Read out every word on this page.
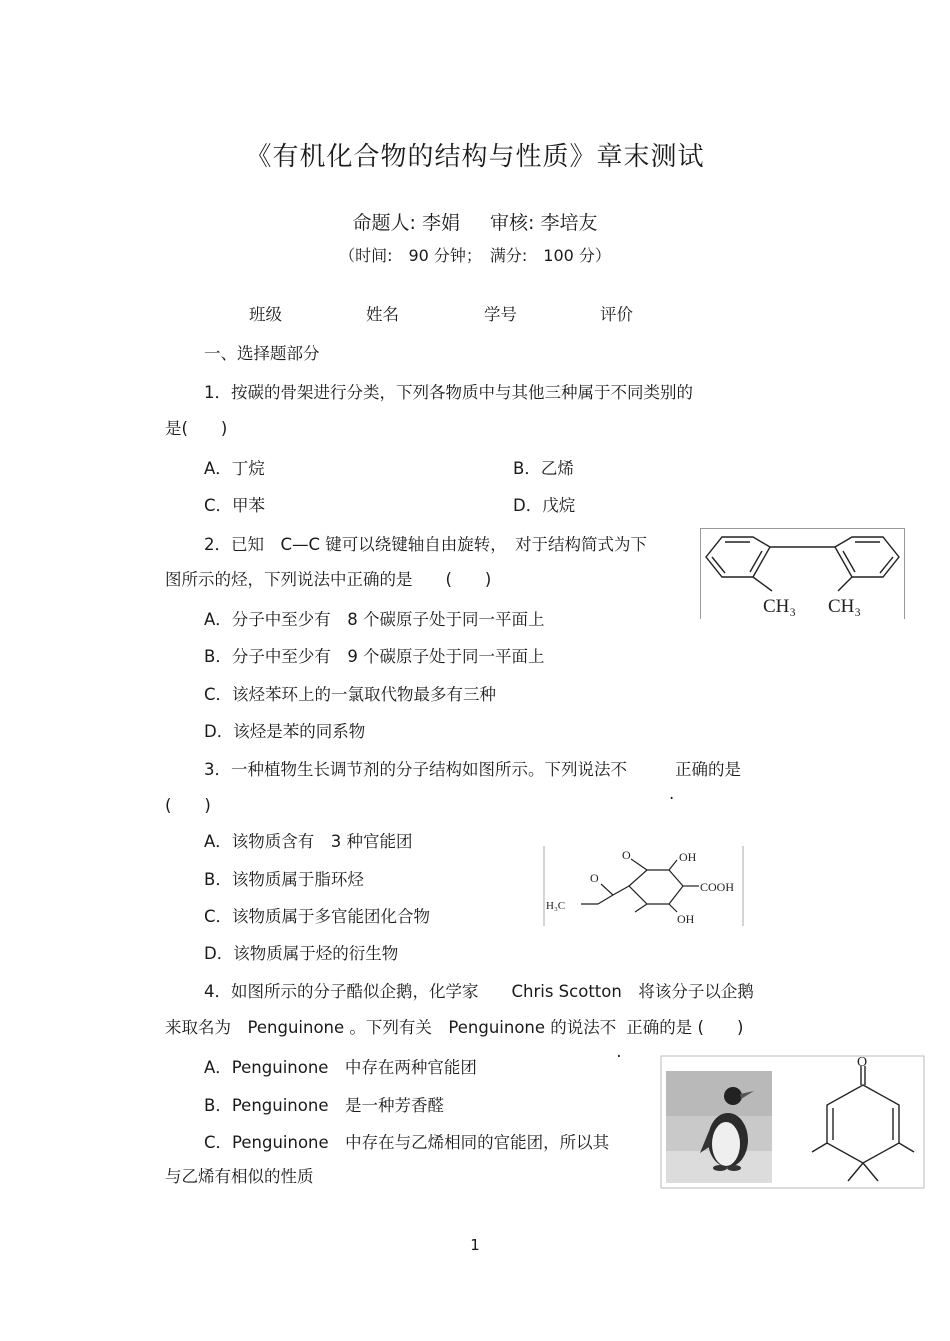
《有机化合物的结构与性质》章末测试
命题人: 李娟 审核: 李培友
（时间:　90 分钟；　满分:　100 分）
班级	姓名	学号	评价
一、选择题部分
1．按碳的骨架进行分类，下列各物质中与其他三种属于不同类别的
是(　　)
A．丁烷	B．乙烯
C．甲苯	D．戊烷
2．已知　C—C 键可以绕键轴自由旋转，　对于结构简式为下
图所示的烃，下列说法中正确的是　　(　　)
A．分子中至少有　8 个碳原子处于同一平面上
B．分子中至少有　9 个碳原子处于同一平面上
C．该烃苯环上的一氯取代物最多有三种
D．该烃是苯的同系物
CH₃ CH₃
3．一种植物生长调节剂的分子结构如图所示。下列说法不
.
正确的是
(　　)
A．该物质含有　3 种官能团
B．该物质属于脂环烃
C．该物质属于多官能团化合物
D．该物质属于烃的衍生物
O	OH
COOH
H₃C
O
OH
4．如图所示的分子酷似企鹅，化学家　　Chris Scotton　将该分子以企鹅
来取名为　Penguinone 。下列有关　Penguinone 的说法不
.
正确的是 (　　)
A．Penguinone　中存在两种官能团
B．Penguinone　是一种芳香醛
C．Penguinone　中存在与乙烯相同的官能团，所以其
与乙烯有相似的性质
O
1
